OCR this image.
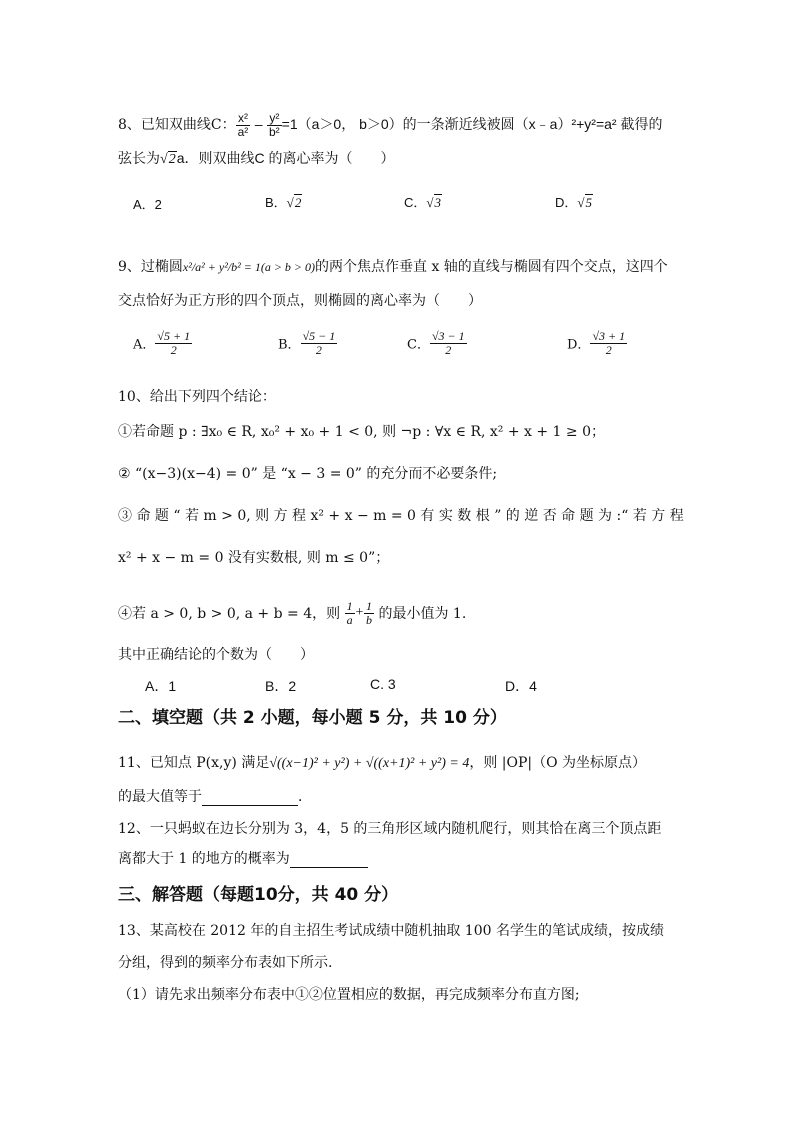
8、已知双曲线C： $\frac{\text{x²}}{\text{a²}} - \frac{\text{y²}}{\text{b²}} =1(a>0$， b＞0）的一条渐近线被圆（x﹣a）²+y²=a² 截得的
弦长为√2a．则双曲线C 的离心率为（　　）
A．2	B．√2	C．√3	D．√5
9、过椭圆x²/a² + y²/b² = 1(a > b > 0)的两个焦点作垂直 x 轴的直线与椭圆有四个交点，这四个
交点恰好为正方形的四个顶点，则椭圆的离心率为（　　）
A． $\frac{√5 + 1}{2}$	B． $\frac{√5 - 1}{2}$	C． $\frac{√3 - 1}{2}$	D． $\frac{√3 + 1}{2}$
10、给出下列四个结论：
①若命题 p : ∃x₀ ∈ R, x₀² + x₀ + 1 < 0, 则 ¬p : ∀x ∈ R, x² + x + 1 ≥ 0；
② “(x−3)(x−4) = 0” 是 “x − 3 = 0” 的充分而不必要条件;
③ 命 题 “ 若 m > 0, 则 方 程 x² + x − m = 0 有 实 数 根 ” 的 逆 否 命 题 为 :“ 若 方 程
x² + x − m = 0 没有实数根, 则 m ≤ 0”；
④若 a > 0, b > 0, a + b = 4，则 $\frac{1}{a} + \frac{1}{b}$ 的最小值为 1.
其中正确结论的个数为（　　）
A．1	B．2	C. 3	D．4
二、填空题（共 2 小题，每小题 5 分，共 10 分）
11、已知点 P(x,y) 满足√((x−1)² + y²) + √((x+1)² + y²) = 4，则 |OP|（O 为坐标原点）
的最大值等于	．
12、一只蚂蚁在边长分别为 3，4，5 的三角形区域内随机爬行，则其恰在离三个顶点距
离都大于 1 的地方的概率为
三、解答题（每题10分，共 40 分）
13、某高校在 2012 年的自主招生考试成绩中随机抽取 100 名学生的笔试成绩，按成绩
分组，得到的频率分布表如下所示.
（1）请先求出频率分布表中①②位置相应的数据，再完成频率分布直方图;
